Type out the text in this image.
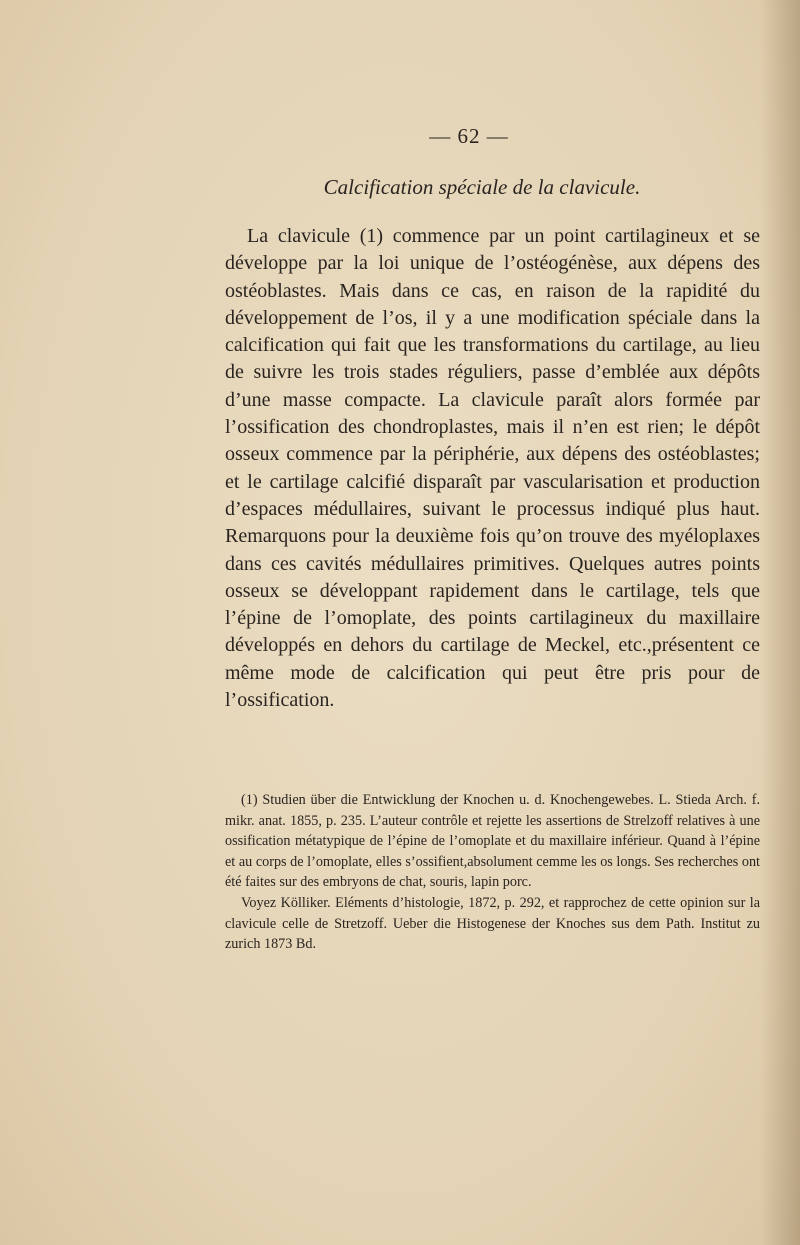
— 62 —
Calcification spéciale de la clavicule.

La clavicule (1) commence par un point cartilagineux et se développe par la loi unique de l’ostéogénèse, aux dépens des ostéoblastes. Mais dans ce cas, en raison de la rapidité du développement de l’os, il y a une modification spéciale dans la calcification qui fait que les transformations du cartilage, au lieu de suivre les trois stades réguliers, passe d’emblée aux dépôts d’une masse compacte. La clavicule paraît alors formée par l’ossification des chondroplastes, mais il n’en est rien; le dépôt osseux commence par la périphérie, aux dépens des ostéoblastes; et le cartilage calcifié disparaît par vascularisation et production d’espaces médullaires, suivant le processus indiqué plus haut. Remarquons pour la deuxième fois qu’on trouve des myéloplaxes dans ces cavités médullaires primitives. Quelques autres points osseux se développant rapidement dans le cartilage, tels que l’épine de l’omoplate, des points cartilagineux du maxillaire développés en dehors du cartilage de Meckel, etc.,présentent ce même mode de calcification qui peut être pris pour de l’ossification.

(1) Studien über die Entwicklung der Knochen u. d. Knochengewebes. L. Stieda Arch. f. mikr. anat. 1855, p. 235. L’auteur contrôle et rejette les assertions de Strelzoff relatives à une ossification métatypique de l’épine de l’omoplate et du maxillaire inférieur. Quand à l’épine et au corps de l’omoplate, elles s’ossifient,absolument cemme les os longs. Ses recherches ont été faites sur des embryons de chat, souris, lapin porc.

Voyez Kölliker. Eléments d’histologie, 1872, p. 292, et rapprochez de cette opinion sur la clavicule celle de Stretzoff. Ueber die Histogenese der Knoches sus dem Path. Institut zu zurich 1873 Bd.
